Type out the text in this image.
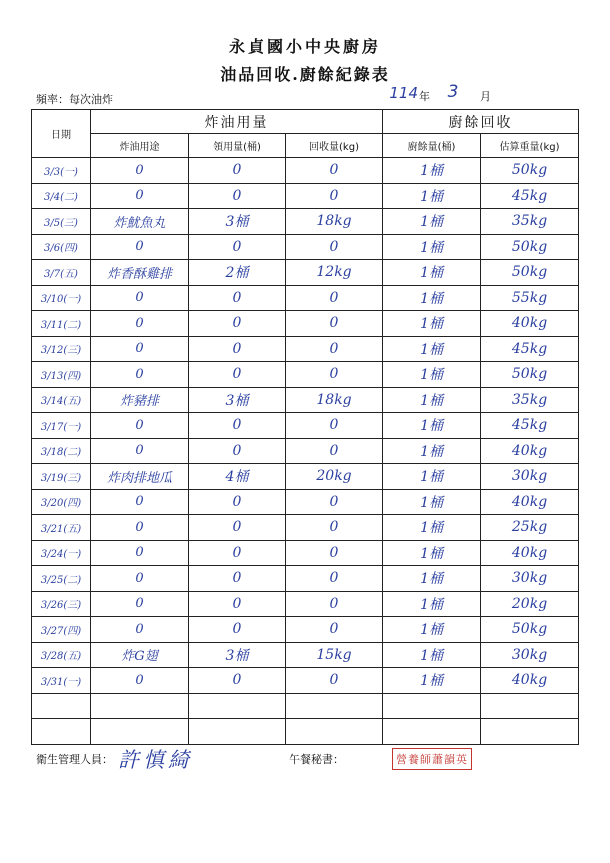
永貞國小中央廚房
油品回收.廚餘紀錄表
頻率：每次油炸	114 年	3	月
日期	炸油用量			廚餘回收	
	炸油用途	領用量(桶)	回收量(kg)	廚餘量(桶)	估算重量(kg)
3/3(一)	0	0	0	1桶	50kg
3/4(二)	0	0	0	1桶	45kg
3/5(三)	炸魷魚丸	3桶	18kg	1桶	35kg
3/6(四)	0	0	0	1桶	50kg
3/7(五)	炸香酥雞排	2桶	12kg	1桶	50kg
3/10(一)	0	0	0	1桶	55kg
3/11(二)	0	0	0	1桶	40kg
3/12(三)	0	0	0	1桶	45kg
3/13(四)	0	0	0	1桶	50kg
3/14(五)	炸豬排	3桶	18kg	1桶	35kg
3/17(一)	0	0	0	1桶	45kg
3/18(二)	0	0	0	1桶	40kg
3/19(三)	炸肉排地瓜	4桶	20kg	1桶	30kg
3/20(四)	0	0	0	1桶	40kg
3/21(五)	0	0	0	1桶	25kg
3/24(一)	0	0	0	1桶	40kg
3/25(二)	0	0	0	1桶	30kg
3/26(三)	0	0	0	1桶	20kg
3/27(四)	0	0	0	1桶	50kg
3/28(五)	炸G翅	3桶	15kg	1桶	30kg
3/31(一)	0	0	0	1桶	40kg

衛生管理人員： 許慎綺	午餐秘書：	營養師蕭韻英
